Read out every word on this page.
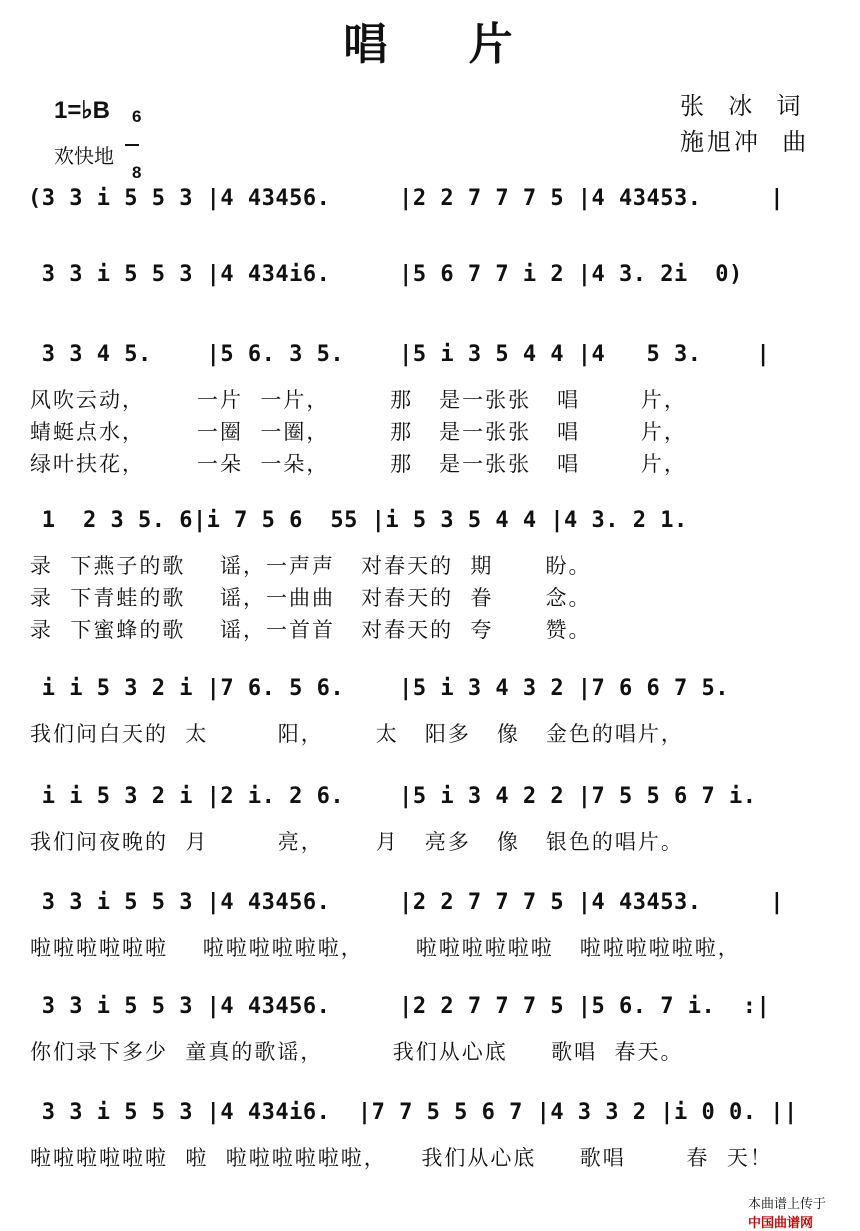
唱    片
1=♭B	6

8

欢快地
张  冰  词
施旭冲  曲
(3 3 i 5 5 3 |4 43456.     |2 2 7 7 7 5 |4 43453.     |
3 3 i 5 5 3 |4 434i6.     |5 6 7 7 i 2 |4 3. 2i  0)
3 3 4 5.    |5 6. 3 5.    |5 i 3 5 4 4 |4   5 3.    |
风吹云动，      一片  一片，       那   是一张张   唱       片，
蜻蜓点水，      一圈  一圈，       那   是一张张   唱       片，
绿叶扶花，      一朵  一朵，       那   是一张张   唱       片，
1  2 3 5. 6|i 7 5 6  55 |i 5 3 5 4 4 |4 3. 2 1.
录  下燕子的歌    谣，一声声   对春天的  期      盼。
录  下青蛙的歌    谣，一曲曲   对春天的  眷      念。
录  下蜜蜂的歌    谣，一首首   对春天的  夸      赞。
i i 5 3 2 i |7 6. 5 6.    |5 i 3 4 3 2 |7 6 6 7 5.
我们问白天的  太        阳，      太   阳多   像   金色的唱片，
i i 5 3 2 i |2 i. 2 6.    |5 i 3 4 2 2 |7 5 5 6 7 i.
我们问夜晚的  月        亮，      月   亮多   像   银色的唱片。
3 3 i 5 5 3 |4 43456.     |2 2 7 7 7 5 |4 43453.     |
啦啦啦啦啦啦    啦啦啦啦啦啦，      啦啦啦啦啦啦   啦啦啦啦啦啦，
3 3 i 5 5 3 |4 43456.     |2 2 7 7 7 5 |5 6. 7 i.  :|
你们录下多少  童真的歌谣，        我们从心底     歌唱  春天。
3 3 i 5 5 3 |4 434i6.  |7 7 5 5 6 7 |4 3 3 2 |i 0 0. ||
啦啦啦啦啦啦  啦  啦啦啦啦啦啦，    我们从心底     歌唱       春  天！

本曲谱上传于
中国曲谱网
